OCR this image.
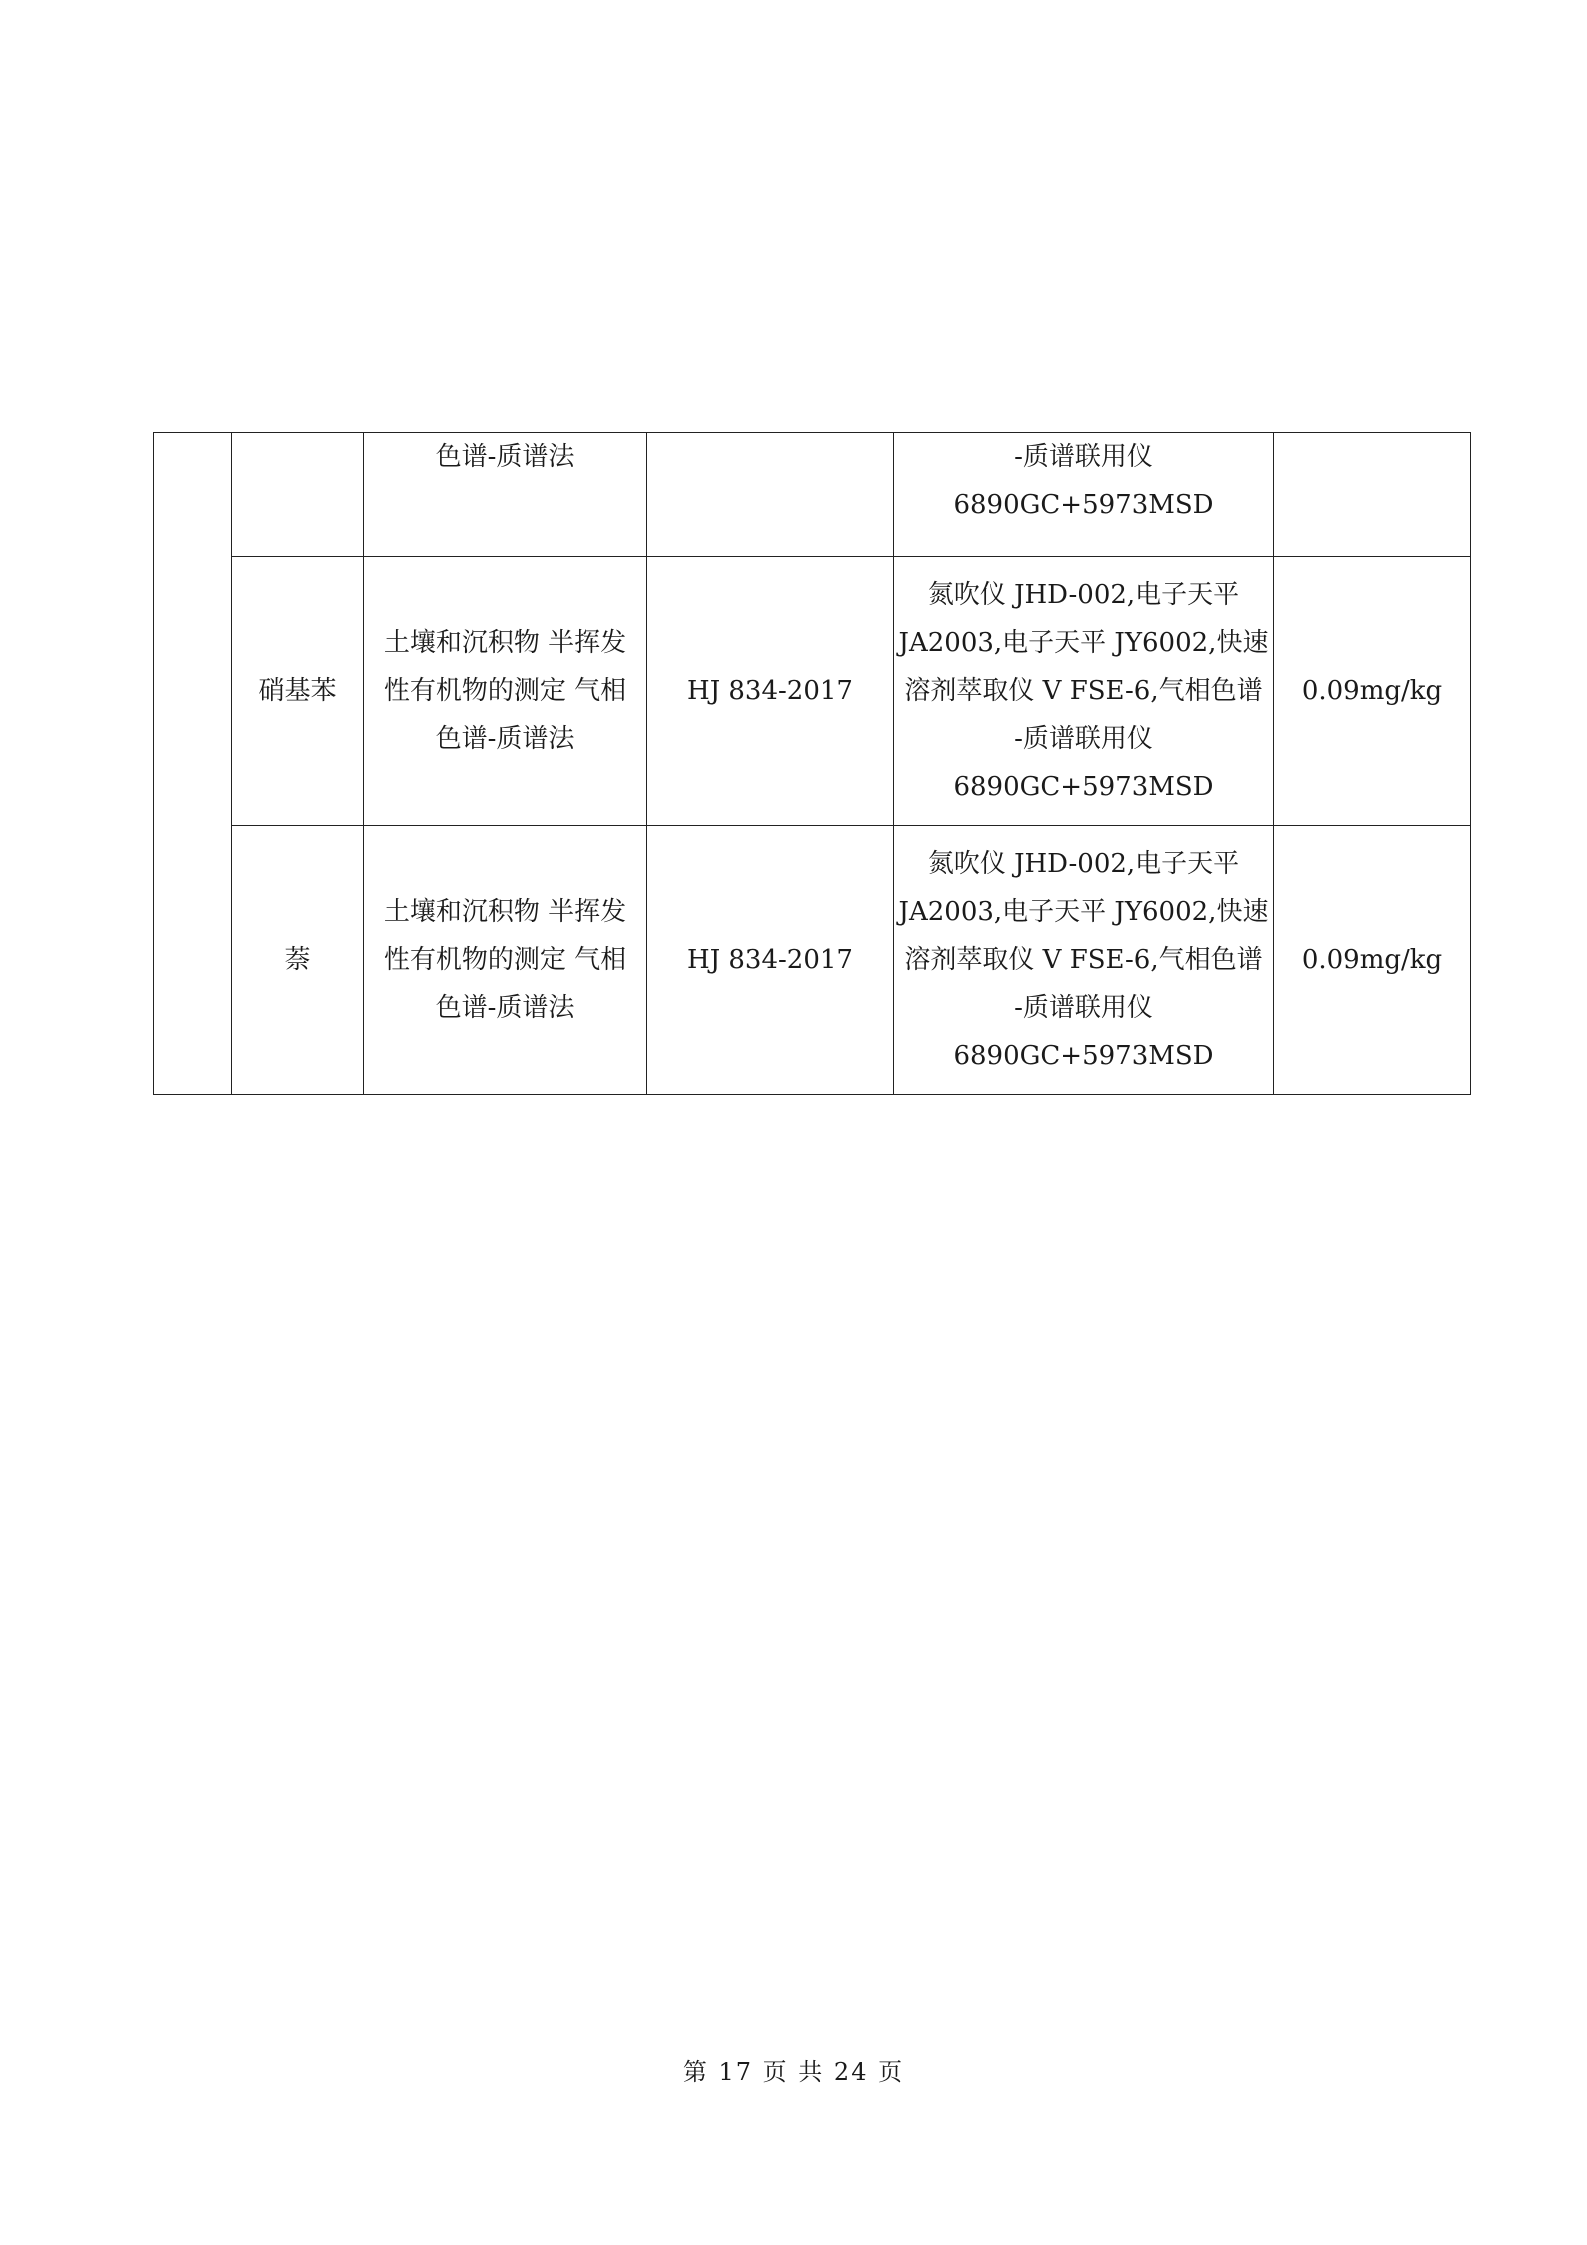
		色谱-质谱法		-质谱联用仪
6890GC+5973MSD	

	硝基苯	土壤和沉积物 半挥发
性有机物的测定 气相
色谱-质谱法	HJ 834-2017	氮吹仪 JHD-002,电子天平
JA2003,电子天平 JY6002,快速
溶剂萃取仪 V FSE-6,气相色谱
-质谱联用仪
6890GC+5973MSD	0.09mg/kg
	萘	土壤和沉积物 半挥发
性有机物的测定 气相
色谱-质谱法	HJ 834-2017	氮吹仪 JHD-002,电子天平
JA2003,电子天平 JY6002,快速
溶剂萃取仪 V FSE-6,气相色谱
-质谱联用仪
6890GC+5973MSD	0.09mg/kg
第 17 页 共 24 页
